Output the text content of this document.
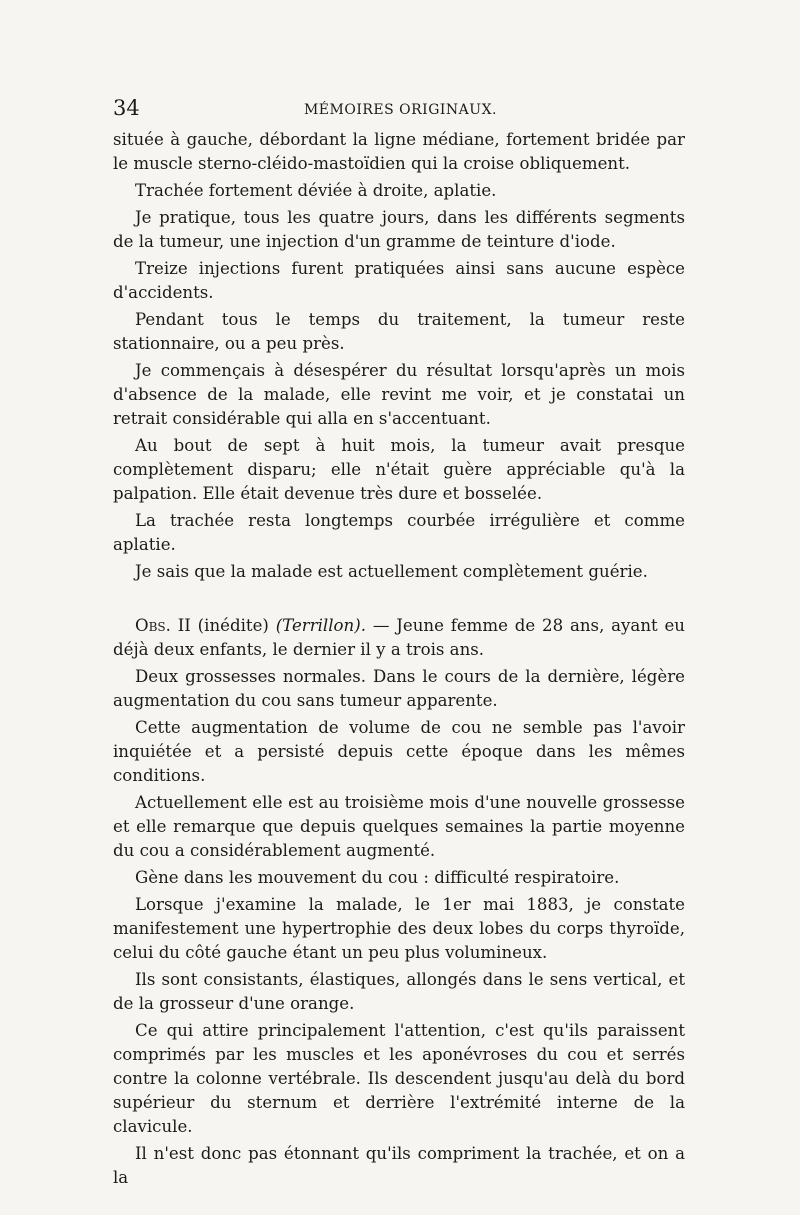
34	MÉMOIRES ORIGINAUX.

située à gauche, débordant la ligne médiane, fortement bridée par le muscle sterno-cléido-mastoïdien qui la croise obliquement.

Trachée fortement déviée à droite, aplatie.

Je pratique, tous les quatre jours, dans les différents segments de la tumeur, une injection d'un gramme de teinture d'iode.

Treize injections furent pratiquées ainsi sans aucune espèce d'accidents.

Pendant tous le temps du traitement, la tumeur reste stationnaire, ou a peu près.

Je commençais à désespérer du résultat lorsqu'après un mois d'absence de la malade, elle revint me voir, et je constatai un retrait considérable qui alla en s'accentuant.

Au bout de sept à huit mois, la tumeur avait presque complètement disparu; elle n'était guère appréciable qu'à la palpation. Elle était devenue très dure et bosselée.

La trachée resta longtemps courbée irrégulière et comme aplatie.

Je sais que la malade est actuellement complètement guérie.

Obs. II (inédite) (Terrillon). — Jeune femme de 28 ans, ayant eu déjà deux enfants, le dernier il y a trois ans.

Deux grossesses normales. Dans le cours de la dernière, légère augmentation du cou sans tumeur apparente.

Cette augmentation de volume de cou ne semble pas l'avoir inquiétée et a persisté depuis cette époque dans les mêmes conditions.

Actuellement elle est au troisième mois d'une nouvelle grossesse et elle remarque que depuis quelques semaines la partie moyenne du cou a considérablement augmenté.

Gène dans les mouvement du cou : difficulté respiratoire.

Lorsque j'examine la malade, le 1er mai 1883, je constate manifestement une hypertrophie des deux lobes du corps thyroïde, celui du côté gauche étant un peu plus volumineux.

Ils sont consistants, élastiques, allongés dans le sens vertical, et de la grosseur d'une orange.

Ce qui attire principalement l'attention, c'est qu'ils paraissent comprimés par les muscles et les aponévroses du cou et serrés contre la colonne vertébrale. Ils descendent jusqu'au delà du bord supérieur du sternum et derrière l'extrémité interne de la clavicule.

Il n'est donc pas étonnant qu'ils compriment la trachée, et on a la
